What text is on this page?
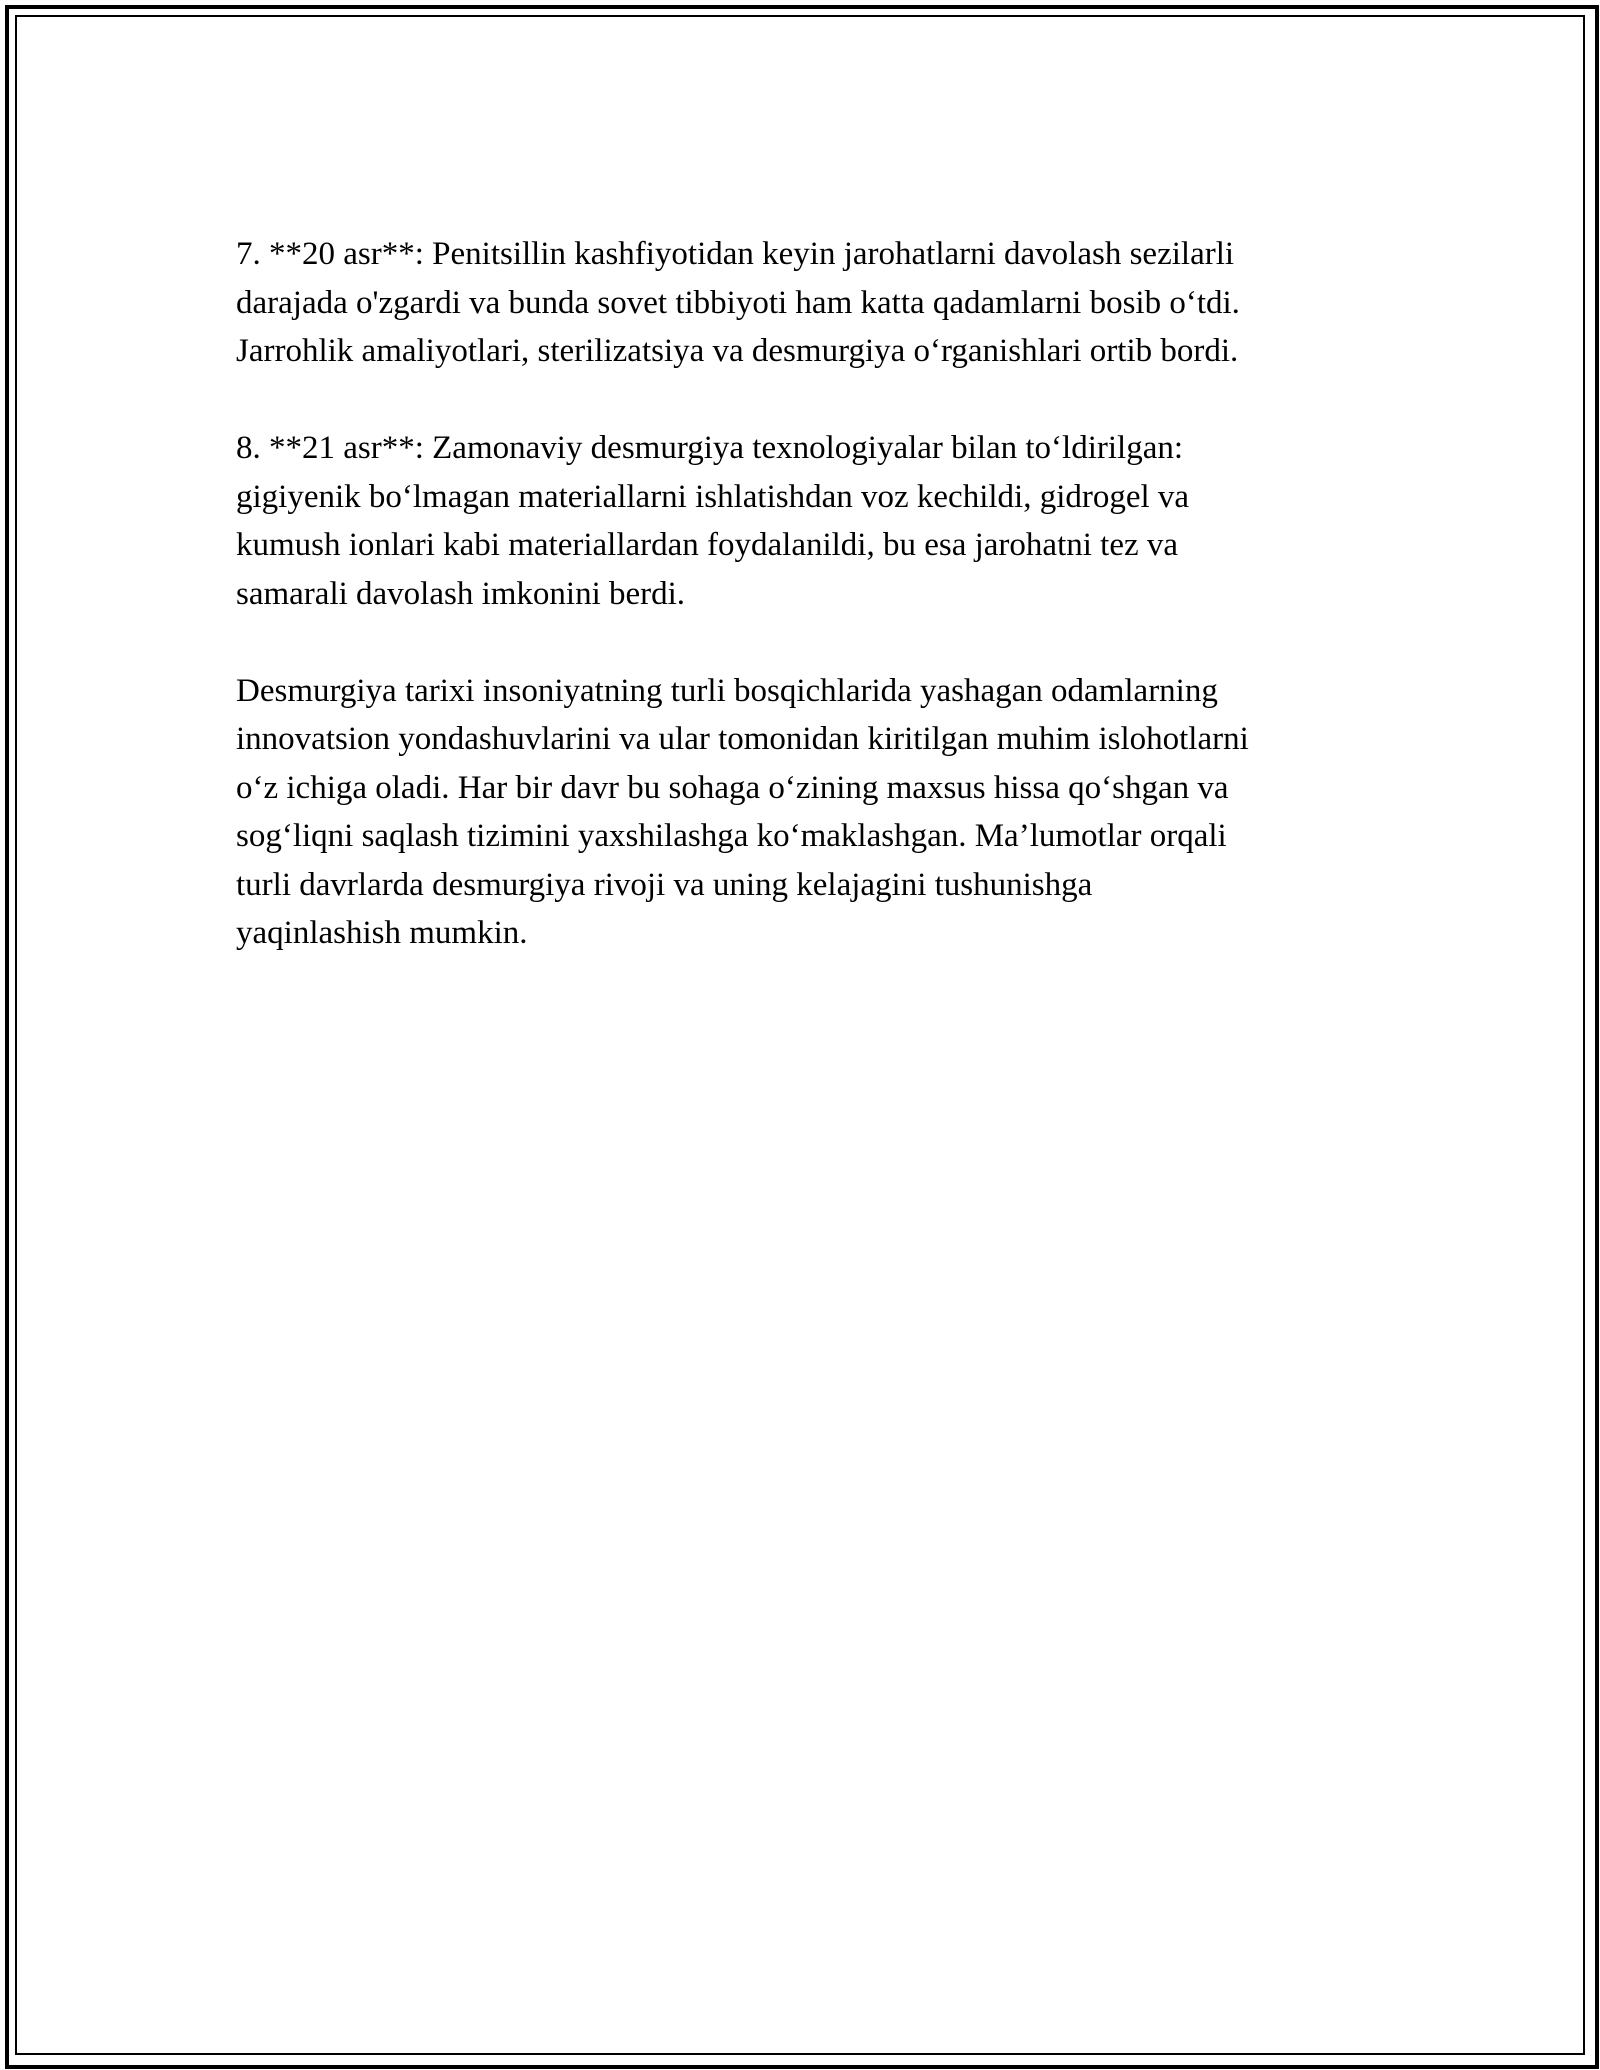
7. **20 asr**: Penitsillin kashfiyotidan keyin jarohatlarni davolash sezilarli
darajada o'zgardi va bunda sovet tibbiyoti ham katta qadamlarni bosib o‘tdi.
Jarrohlik amaliyotlari, sterilizatsiya va desmurgiya o‘rganishlari ortib bordi.

8. **21 asr**: Zamonaviy desmurgiya texnologiyalar bilan to‘ldirilgan:
gigiyenik bo‘lmagan materiallarni ishlatishdan voz kechildi, gidrogel va
kumush ionlari kabi materiallardan foydalanildi, bu esa jarohatni tez va
samarali davolash imkonini berdi.

Desmurgiya tarixi insoniyatning turli bosqichlarida yashagan odamlarning
innovatsion yondashuvlarini va ular tomonidan kiritilgan muhim islohotlarni
o‘z ichiga oladi. Har bir davr bu sohaga o‘zining maxsus hissa qo‘shgan va
sog‘liqni saqlash tizimini yaxshilashga ko‘maklashgan. Ma’lumotlar orqali
turli davrlarda desmurgiya rivoji va uning kelajagini tushunishga
yaqinlashish mumkin.
